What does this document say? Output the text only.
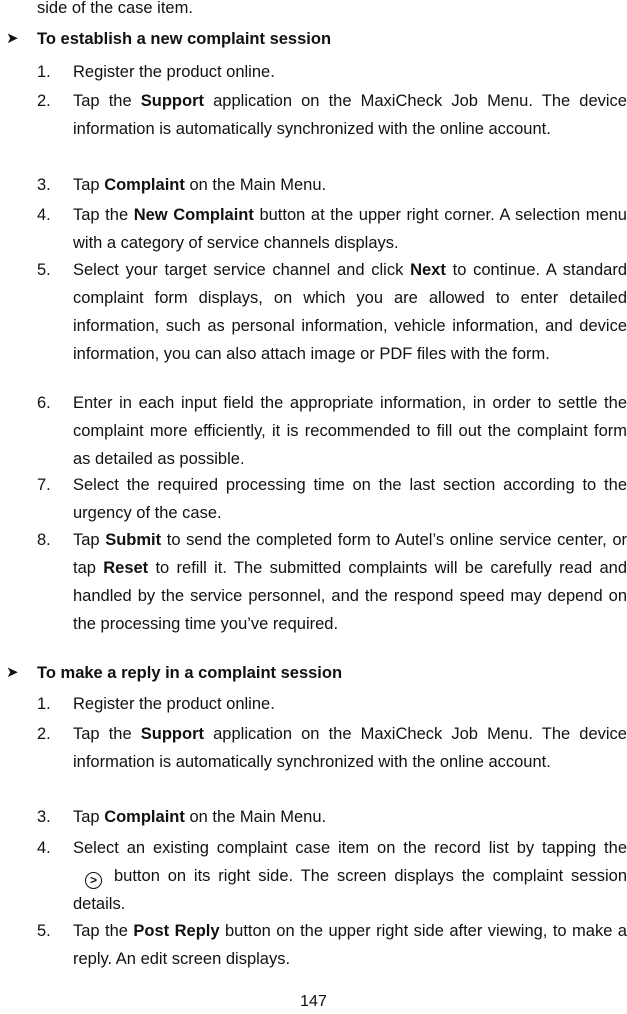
side of the case item.
➤ To establish a new complaint session
1. Register the product online.
2. Tap the Support application on the MaxiCheck Job Menu. The device information is automatically synchronized with the online account.
3. Tap Complaint on the Main Menu.
4. Tap the New Complaint button at the upper right corner. A selection menu with a category of service channels displays.
5. Select your target service channel and click Next to continue. A standard complaint form displays, on which you are allowed to enter detailed information, such as personal information, vehicle information, and device information, you can also attach image or PDF files with the form.
6. Enter in each input field the appropriate information, in order to settle the complaint more efficiently, it is recommended to fill out the complaint form as detailed as possible.
7. Select the required processing time on the last section according to the urgency of the case.
8. Tap Submit to send the completed form to Autel’s online service center, or tap Reset to refill it. The submitted complaints will be carefully read and handled by the service personnel, and the respond speed may depend on the processing time you’ve required.
➤ To make a reply in a complaint session
1. Register the product online.
2. Tap the Support application on the MaxiCheck Job Menu. The device information is automatically synchronized with the online account.
3. Tap Complaint on the Main Menu.
4. Select an existing complaint case item on the record list by tapping the> button on its right side. The screen displays the complaint session details.
5. Tap the Post Reply button on the upper right side after viewing, to make a reply. An edit screen displays.
147
